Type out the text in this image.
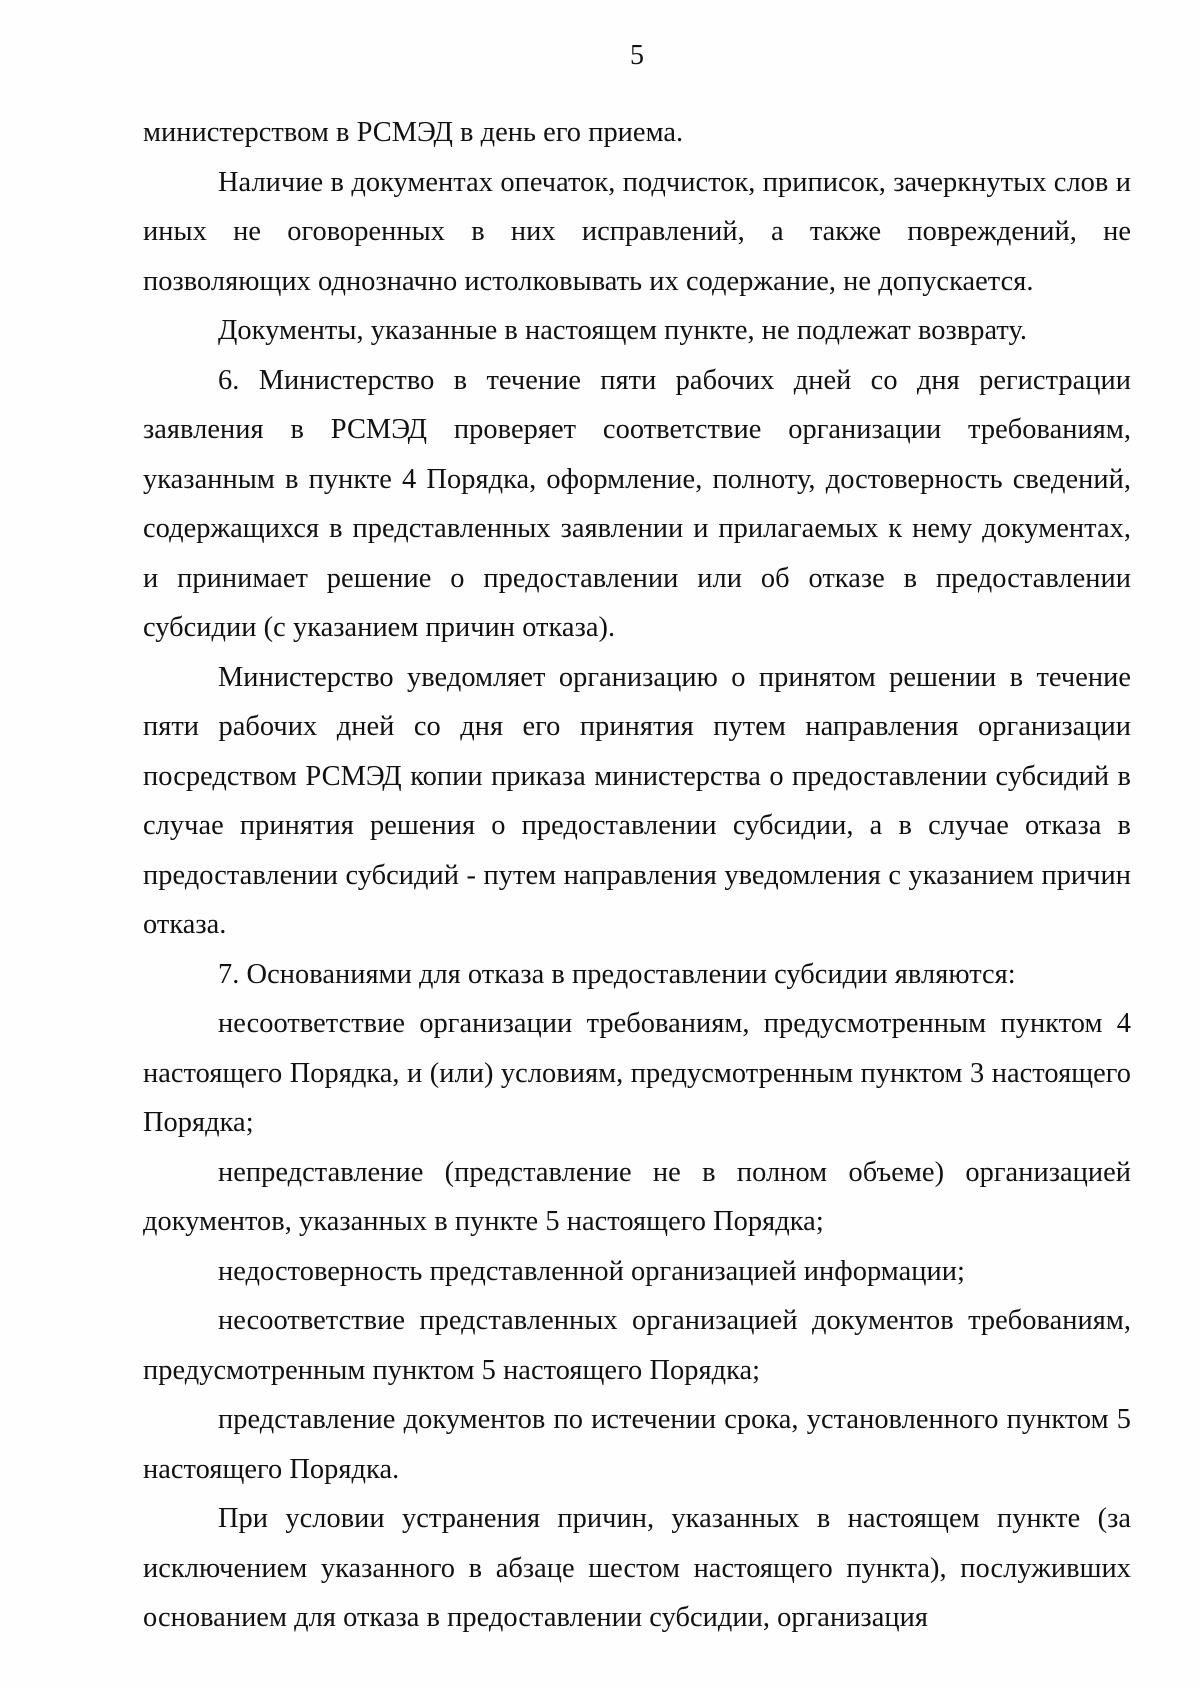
5

министерством в РСМЭД в день его приема.

Наличие в документах опечаток, подчисток, приписок, зачеркнутых слов и иных не оговоренных в них исправлений, а также повреждений, не позволяющих однозначно истолковывать их содержание, не допускается.

Документы, указанные в настоящем пункте, не подлежат возврату.

6. Министерство в течение пяти рабочих дней со дня регистрации заявления в РСМЭД проверяет соответствие организации требованиям, указанным в пункте 4 Порядка, оформление, полноту, достоверность сведений, содержащихся в представленных заявлении и прилагаемых к нему документах, и принимает решение о предоставлении или об отказе в предоставлении субсидии (с указанием причин отказа).

Министерство уведомляет организацию о принятом решении в течение пяти рабочих дней со дня его принятия путем направления организации посредством РСМЭД копии приказа министерства о предоставлении субсидий в случае принятия решения о предоставлении субсидии, а в случае отказа в предоставлении субсидий - путем направления уведомления с указанием причин отказа.

7. Основаниями для отказа в предоставлении субсидии являются:

несоответствие организации требованиям, предусмотренным пунктом 4 настоящего Порядка, и (или) условиям, предусмотренным пунктом 3 настоящего Порядка;

непредставление (представление не в полном объеме) организацией документов, указанных в пункте 5 настоящего Порядка;

недостоверность представленной организацией информации;

несоответствие представленных организацией документов требованиям, предусмотренным пунктом 5 настоящего Порядка;

представление документов по истечении срока, установленного пунктом 5 настоящего Порядка.

При условии устранения причин, указанных в настоящем пункте (за исключением указанного в абзаце шестом настоящего пункта), послуживших основанием для отказа в предоставлении субсидии, организация
